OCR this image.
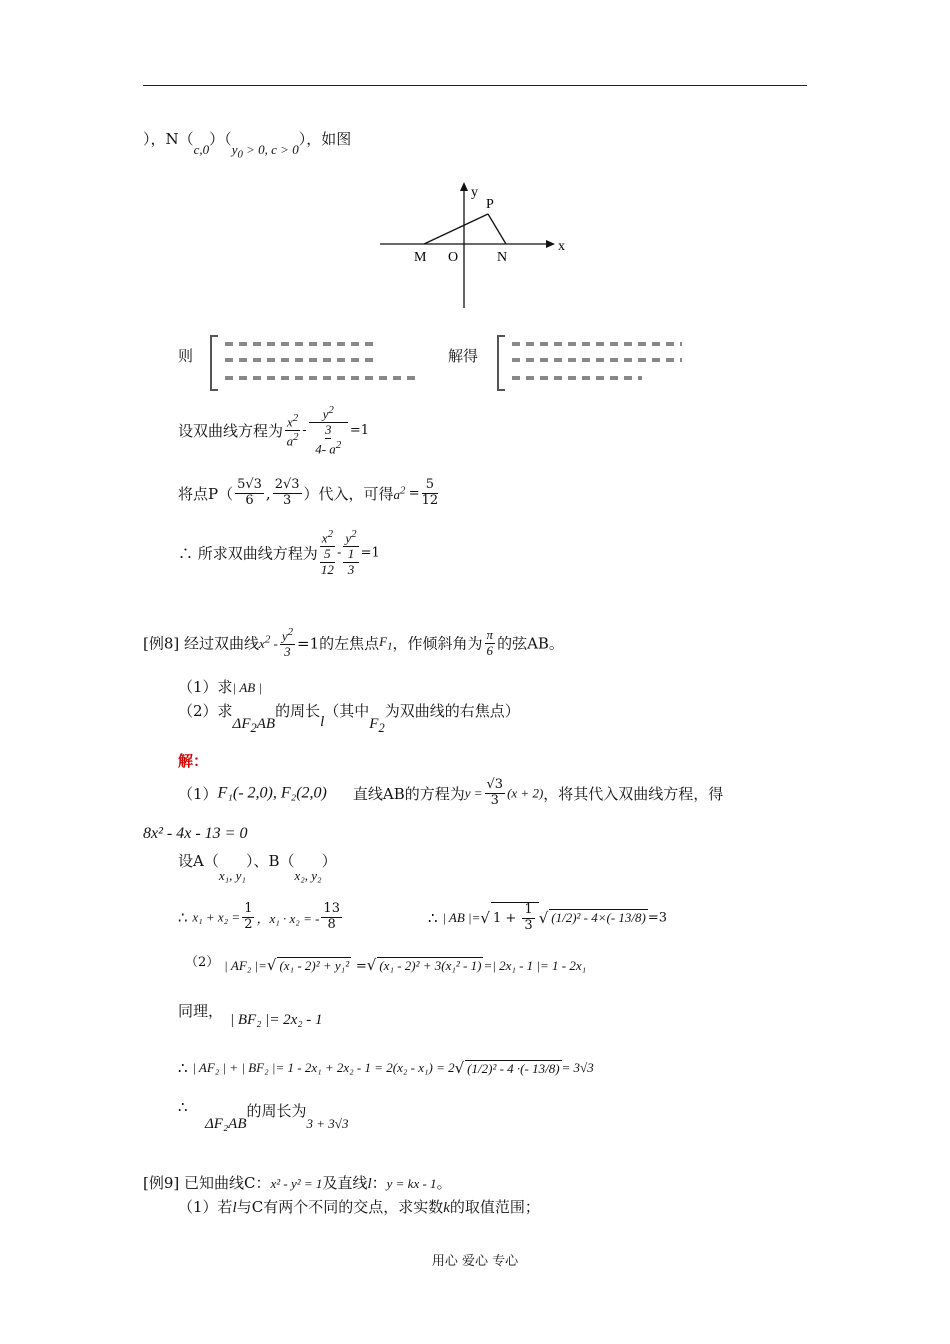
），$N(c,0)(y_0 > 0$, c > 0），如图
y
x
P
M O	N
则	解得
设双曲线方程为 $\frac{x^2}{a^2}$ -
$y^2$
3
4- $a^2$
=1
将点$P( \frac{5√3}{6}$ , $\frac{2√3}{3}$ ）代入，可得$a^2 = \frac{5}{12}$
∴ 所求双曲线方程为
$x^2$
5
12
-
$y^2$
1
3
=1
[例8] 经过双曲线$x^2 - \frac{y^2}{3} =1$的左焦点$F_1$，作倾斜角为 $\frac{\pi}{6}$ 的弦AB。
（1）求| AB |
（2）求$\Delta F_2AB$的周长l（其中$F_2$为双曲线的右焦点）
解：
（1）F₁(- 2,0), F₂(2,0) 直线AB的方程为$y = \frac{√3}{3} (x + 2)$，将其代入双曲线方程，得
8x² - 4x - 13 = 0
设A（x₁, y₁）、B（x₂, y₂）
∴ $x_1 + x_2 = \frac{1}{2}$ ，x₁ · x₂ = - $\frac{13}{8}$	∴ | AB |=√ $1 + \frac{1}{3}$ √ (1/2)² - 4×(- 13/8) =3
（2） | AF₂ |=√ (x₁ - 2)² + y₁² =√ (x₁ - 2)² + 3(x₁² - 1) =| 2x₁ - 1 |= 1 - 2x₁
同理， | BF₂ |= 2x₂ - 1
∴ | AF₂ | + | BF₂ |= 1 - 2x₁ + 2x₂ - 1 = 2(x₂ - x₁) = 2√ (1/2)² - 4 ·(- 13/8) = 3√3
∴
ΔF₂AB的周长为3 + 3√3
[例9] 已知曲线C：x² - y² = 1及直线l：y = kx - 1。
（1）若l与C有两个不同的交点，求实数k的取值范围；
用心 爱心 专心
